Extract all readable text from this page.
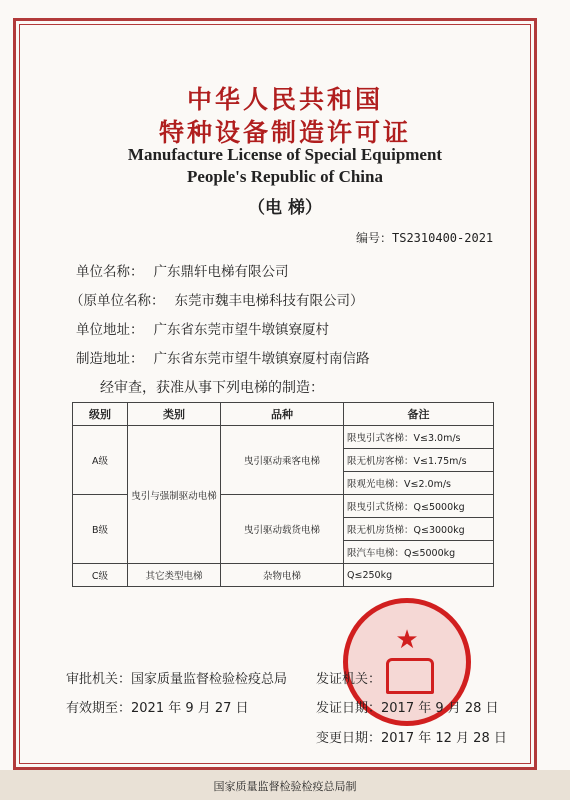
中华人民共和国
特种设备制造许可证
Manufacture License of Special Equipment
People's Republic of China
（电 梯）
编号：TS2310400-2021
单位名称： 广东鼎轩电梯有限公司
（原单位名称： 东莞市魏丰电梯科技有限公司）
单位地址： 广东省东莞市望牛墩镇寮厦村
制造地址： 广东省东莞市望牛墩镇寮厦村南信路
经审查，获准从事下列电梯的制造：
级别	类别	品种	备注
A级	曳引与强制驱动电梯	曳引驱动乘客电梯	限曳引式客梯：V≤3.0m/s
			限无机房客梯：V≤1.75m/s
			限观光电梯：V≤2.0m/s
B级		曳引驱动载货电梯	限曳引式货梯：Q≤5000kg
			限无机房货梯：Q≤3000kg
			限汽车电梯：Q≤5000kg
C级	其它类型电梯	杂物电梯	Q≤250kg
★
审批机关：国家质量监督检验检疫总局 发证机关：
有效期至：2021 年 9 月 27 日	发证日期：2017 年 9 月 28 日
变更日期：2017 年 12 月 28 日
国家质量监督检验检疫总局制
